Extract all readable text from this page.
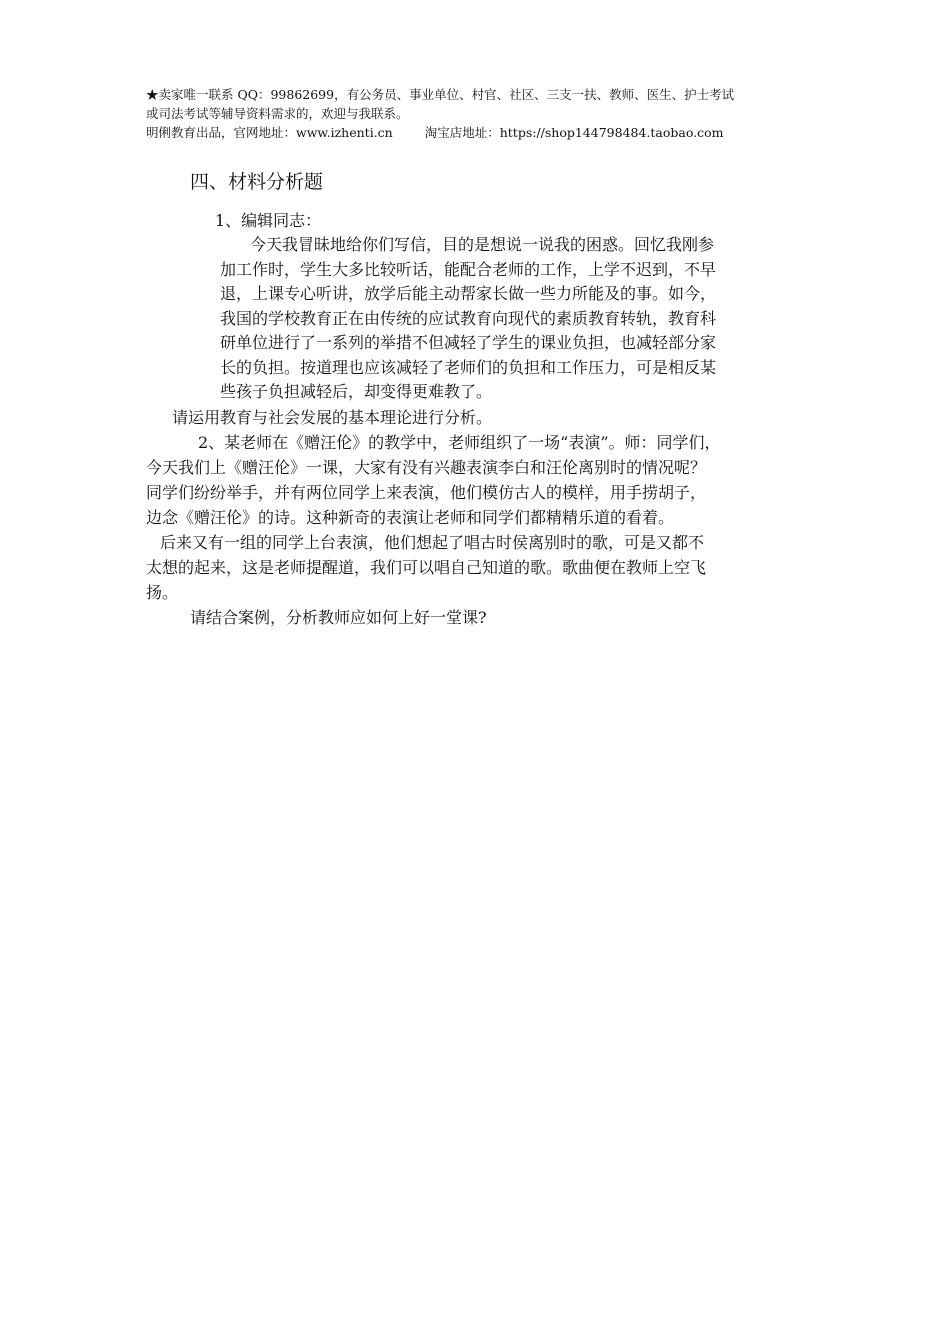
★卖家唯一联系 QQ：99862699，有公务员、事业单位、村官、社区、三支一扶、教师、医生、护士考试
或司法考试等辅导资料需求的，欢迎与我联系。
明俐教育出品，官网地址：www.izhenti.cn	淘宝店地址：https://shop144798484.taobao.com
四、材料分析题
1、编辑同志：
今天我冒昧地给你们写信，目的是想说一说我的困惑。回忆我刚参
加工作时，学生大多比较听话，能配合老师的工作，上学不迟到，不早
退，上课专心听讲，放学后能主动帮家长做一些力所能及的事。如今，
我国的学校教育正在由传统的应试教育向现代的素质教育转轨，教育科
研单位进行了一系列的举措不但减轻了学生的课业负担，也减轻部分家
长的负担。按道理也应该减轻了老师们的负担和工作压力，可是相反某
些孩子负担减轻后，却变得更难教了。
请运用教育与社会发展的基本理论进行分析。
2、某老师在《赠汪伦》的教学中，老师组织了一场“表演”。师：同学们，
今天我们上《赠汪伦》一课，大家有没有兴趣表演李白和汪伦离别时的情况呢？
同学们纷纷举手，并有两位同学上来表演，他们模仿古人的模样，用手捞胡子，
边念《赠汪伦》的诗。这种新奇的表演让老师和同学们都精精乐道的看着。
后来又有一组的同学上台表演，他们想起了唱古时侯离别时的歌，可是又都不
太想的起来，这是老师提醒道，我们可以唱自己知道的歌。歌曲便在教师上空飞
扬。
请结合案例，分析教师应如何上好一堂课?
